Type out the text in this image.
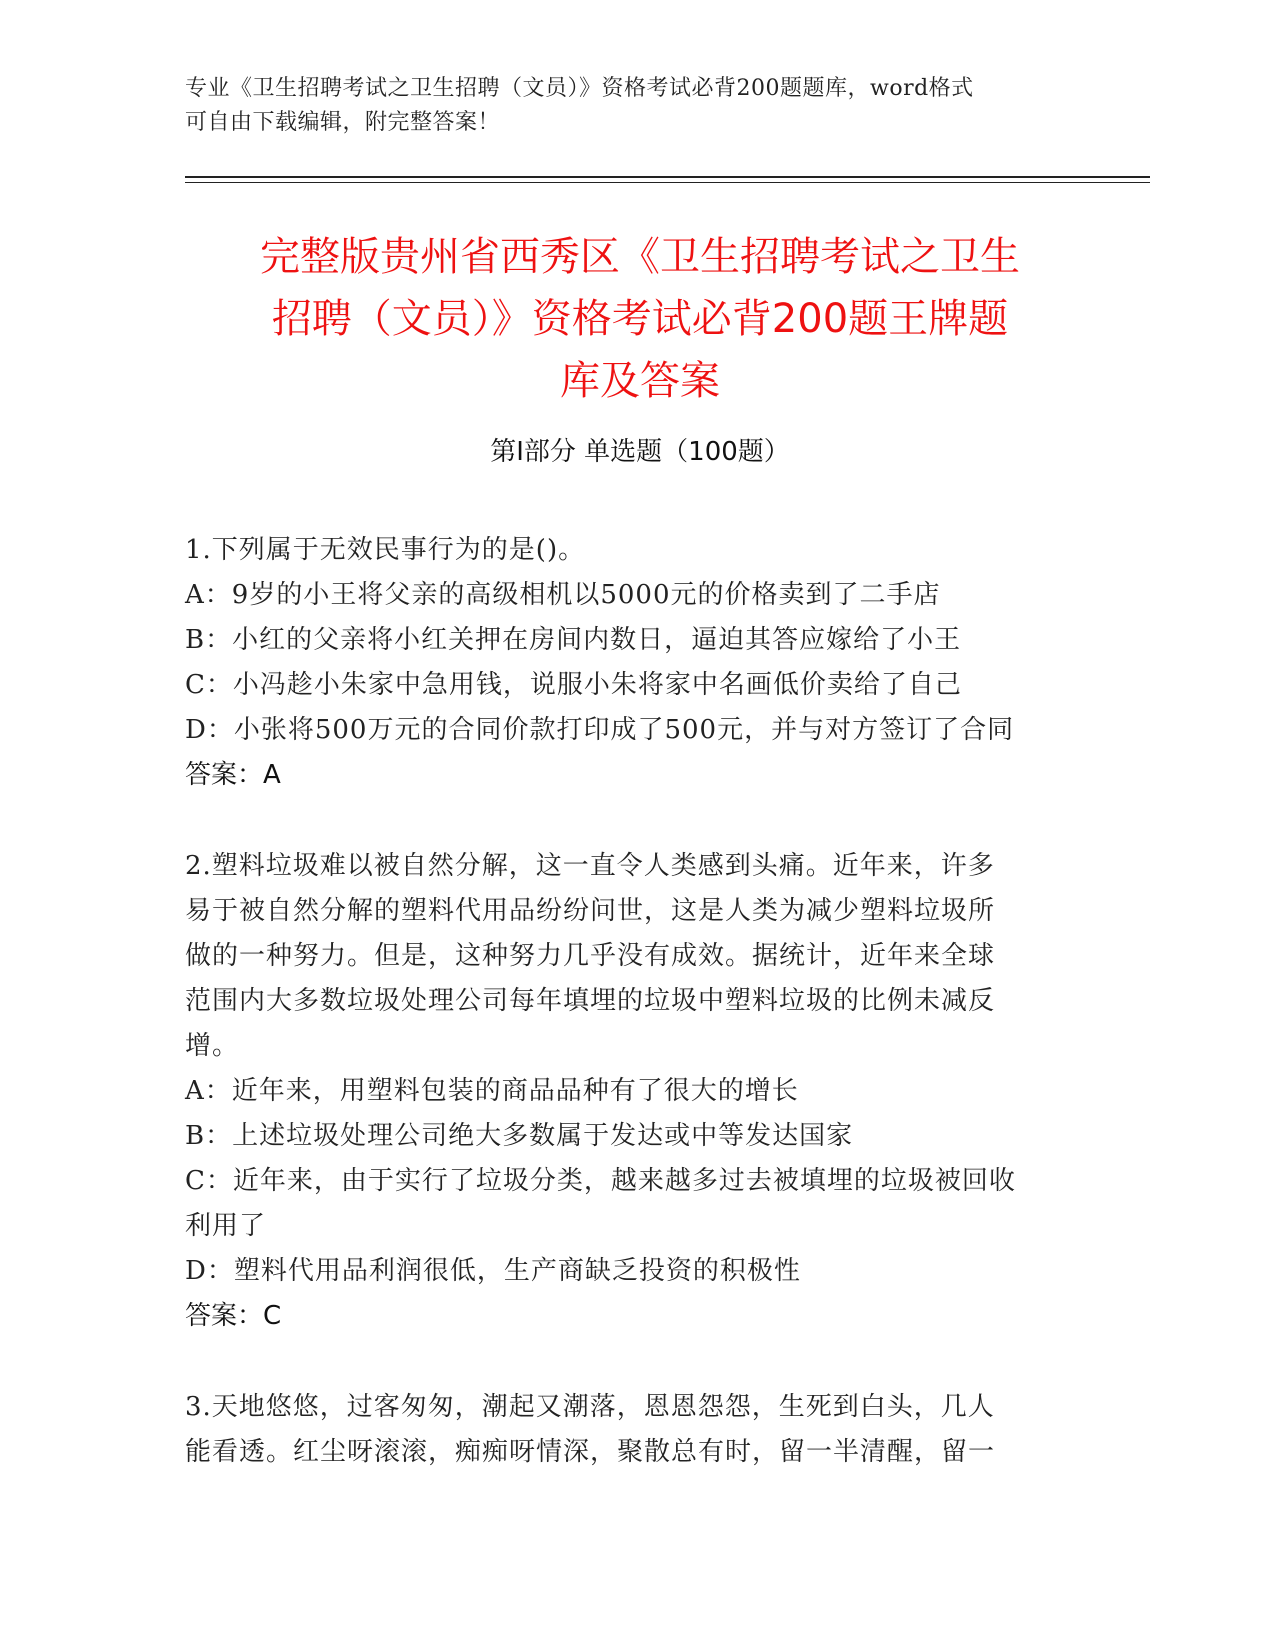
专业《卫生招聘考试之卫生招聘（文员）》资格考试必背200题题库，word格式
可自由下载编辑，附完整答案！
完整版贵州省西秀区《卫生招聘考试之卫生
招聘（文员）》资格考试必背200题王牌题
库及答案
第Ⅰ部分 单选题（100题）
1.下列属于无效民事行为的是()。
A：9岁的小王将父亲的高级相机以5000元的价格卖到了二手店
B：小红的父亲将小红关押在房间内数日，逼迫其答应嫁给了小王
C：小冯趁小朱家中急用钱，说服小朱将家中名画低价卖给了自己
D：小张将500万元的合同价款打印成了500元，并与对方签订了合同
答案：A
2.塑料垃圾难以被自然分解，这一直令人类感到头痛。近年来，许多
易于被自然分解的塑料代用品纷纷问世，这是人类为减少塑料垃圾所
做的一种努力。但是，这种努力几乎没有成效。据统计，近年来全球
范围内大多数垃圾处理公司每年填埋的垃圾中塑料垃圾的比例未减反
增。
A：近年来，用塑料包装的商品品种有了很大的增长
B：上述垃圾处理公司绝大多数属于发达或中等发达国家
C：近年来，由于实行了垃圾分类，越来越多过去被填埋的垃圾被回收
利用了
D：塑料代用品利润很低，生产商缺乏投资的积极性
答案：C
3.天地悠悠，过客匆匆，潮起又潮落，恩恩怨怨，生死到白头，几人
能看透。红尘呀滚滚，痴痴呀情深，聚散总有时，留一半清醒，留一
